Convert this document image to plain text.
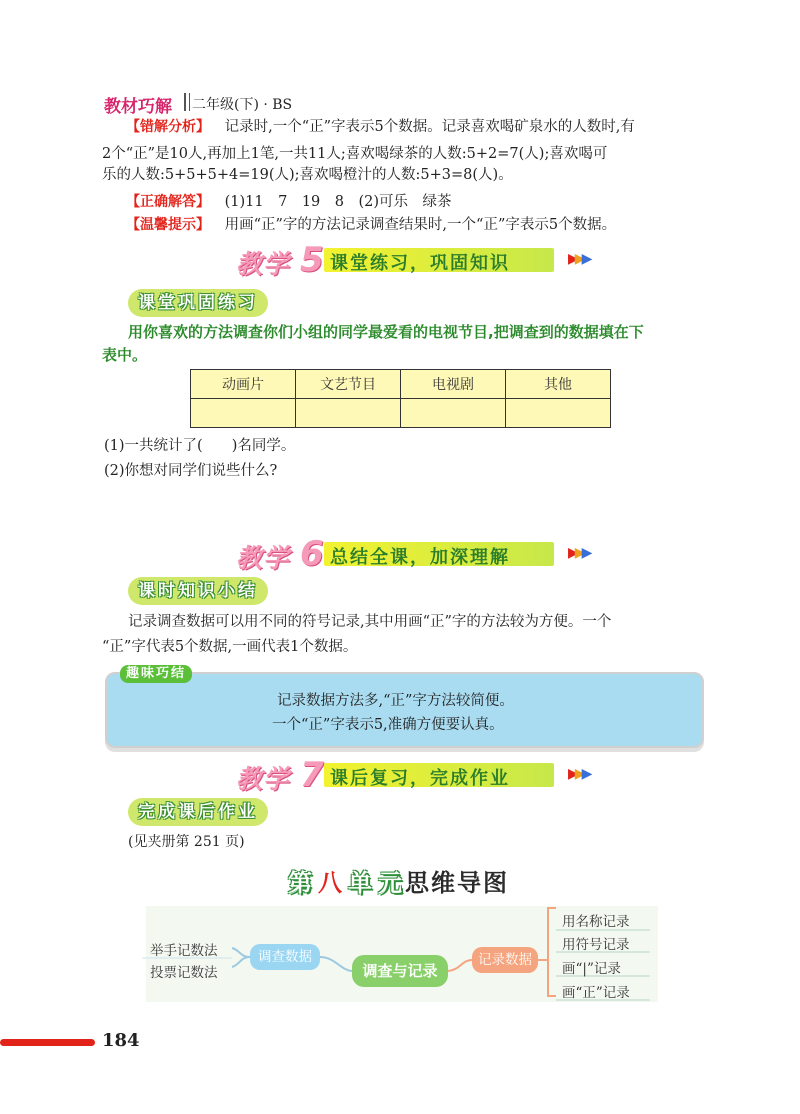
教材巧解 二年级(下) · BS
【错解分析】 记录时,一个“正”字表示5个数据。记录喜欢喝矿泉水的人数时,有
2个“正”是10人,再加上1笔,一共11人;喜欢喝绿茶的人数:5+2=7(人);喜欢喝可
乐的人数:5+5+5+4=19(人);喜欢喝橙汁的人数:5+3=8(人)。
【正确解答】 (1)11　7　19　8　(2)可乐　绿茶
【温馨提示】 用画“正”字的方法记录调查结果时,一个“正”字表示5个数据。
教学 5 课堂练习，巩固知识	▶▶▶
课堂巩固练习
用你喜欢的方法调查你们小组的同学最爱看的电视节目,把调查到的数据填在下
表中。
动画片	文艺节目	电视剧	其他

(1)一共统计了(　　)名同学。
(2)你想对同学们说些什么?
教学 6 总结全课，加深理解	▶▶▶
课时知识小结
记录调查数据可以用不同的符号记录,其中用画“正”字的方法较为方便。一个
“正”字代表5个数据,一画代表1个数据。
趣味巧结
记录数据方法多,“正”字方法较简便。
一个“正”字表示5,准确方便要认真。
教学 7 课后复习，完成作业	▶▶▶
完成课后作业
(见夹册第 251 页)
第 八 单 元 思维导图
举手记数法
投票记数法
调查数据
调查与记录
记录数据
用名称记录
用符号记录
画“|”记录
画“正”记录
184
